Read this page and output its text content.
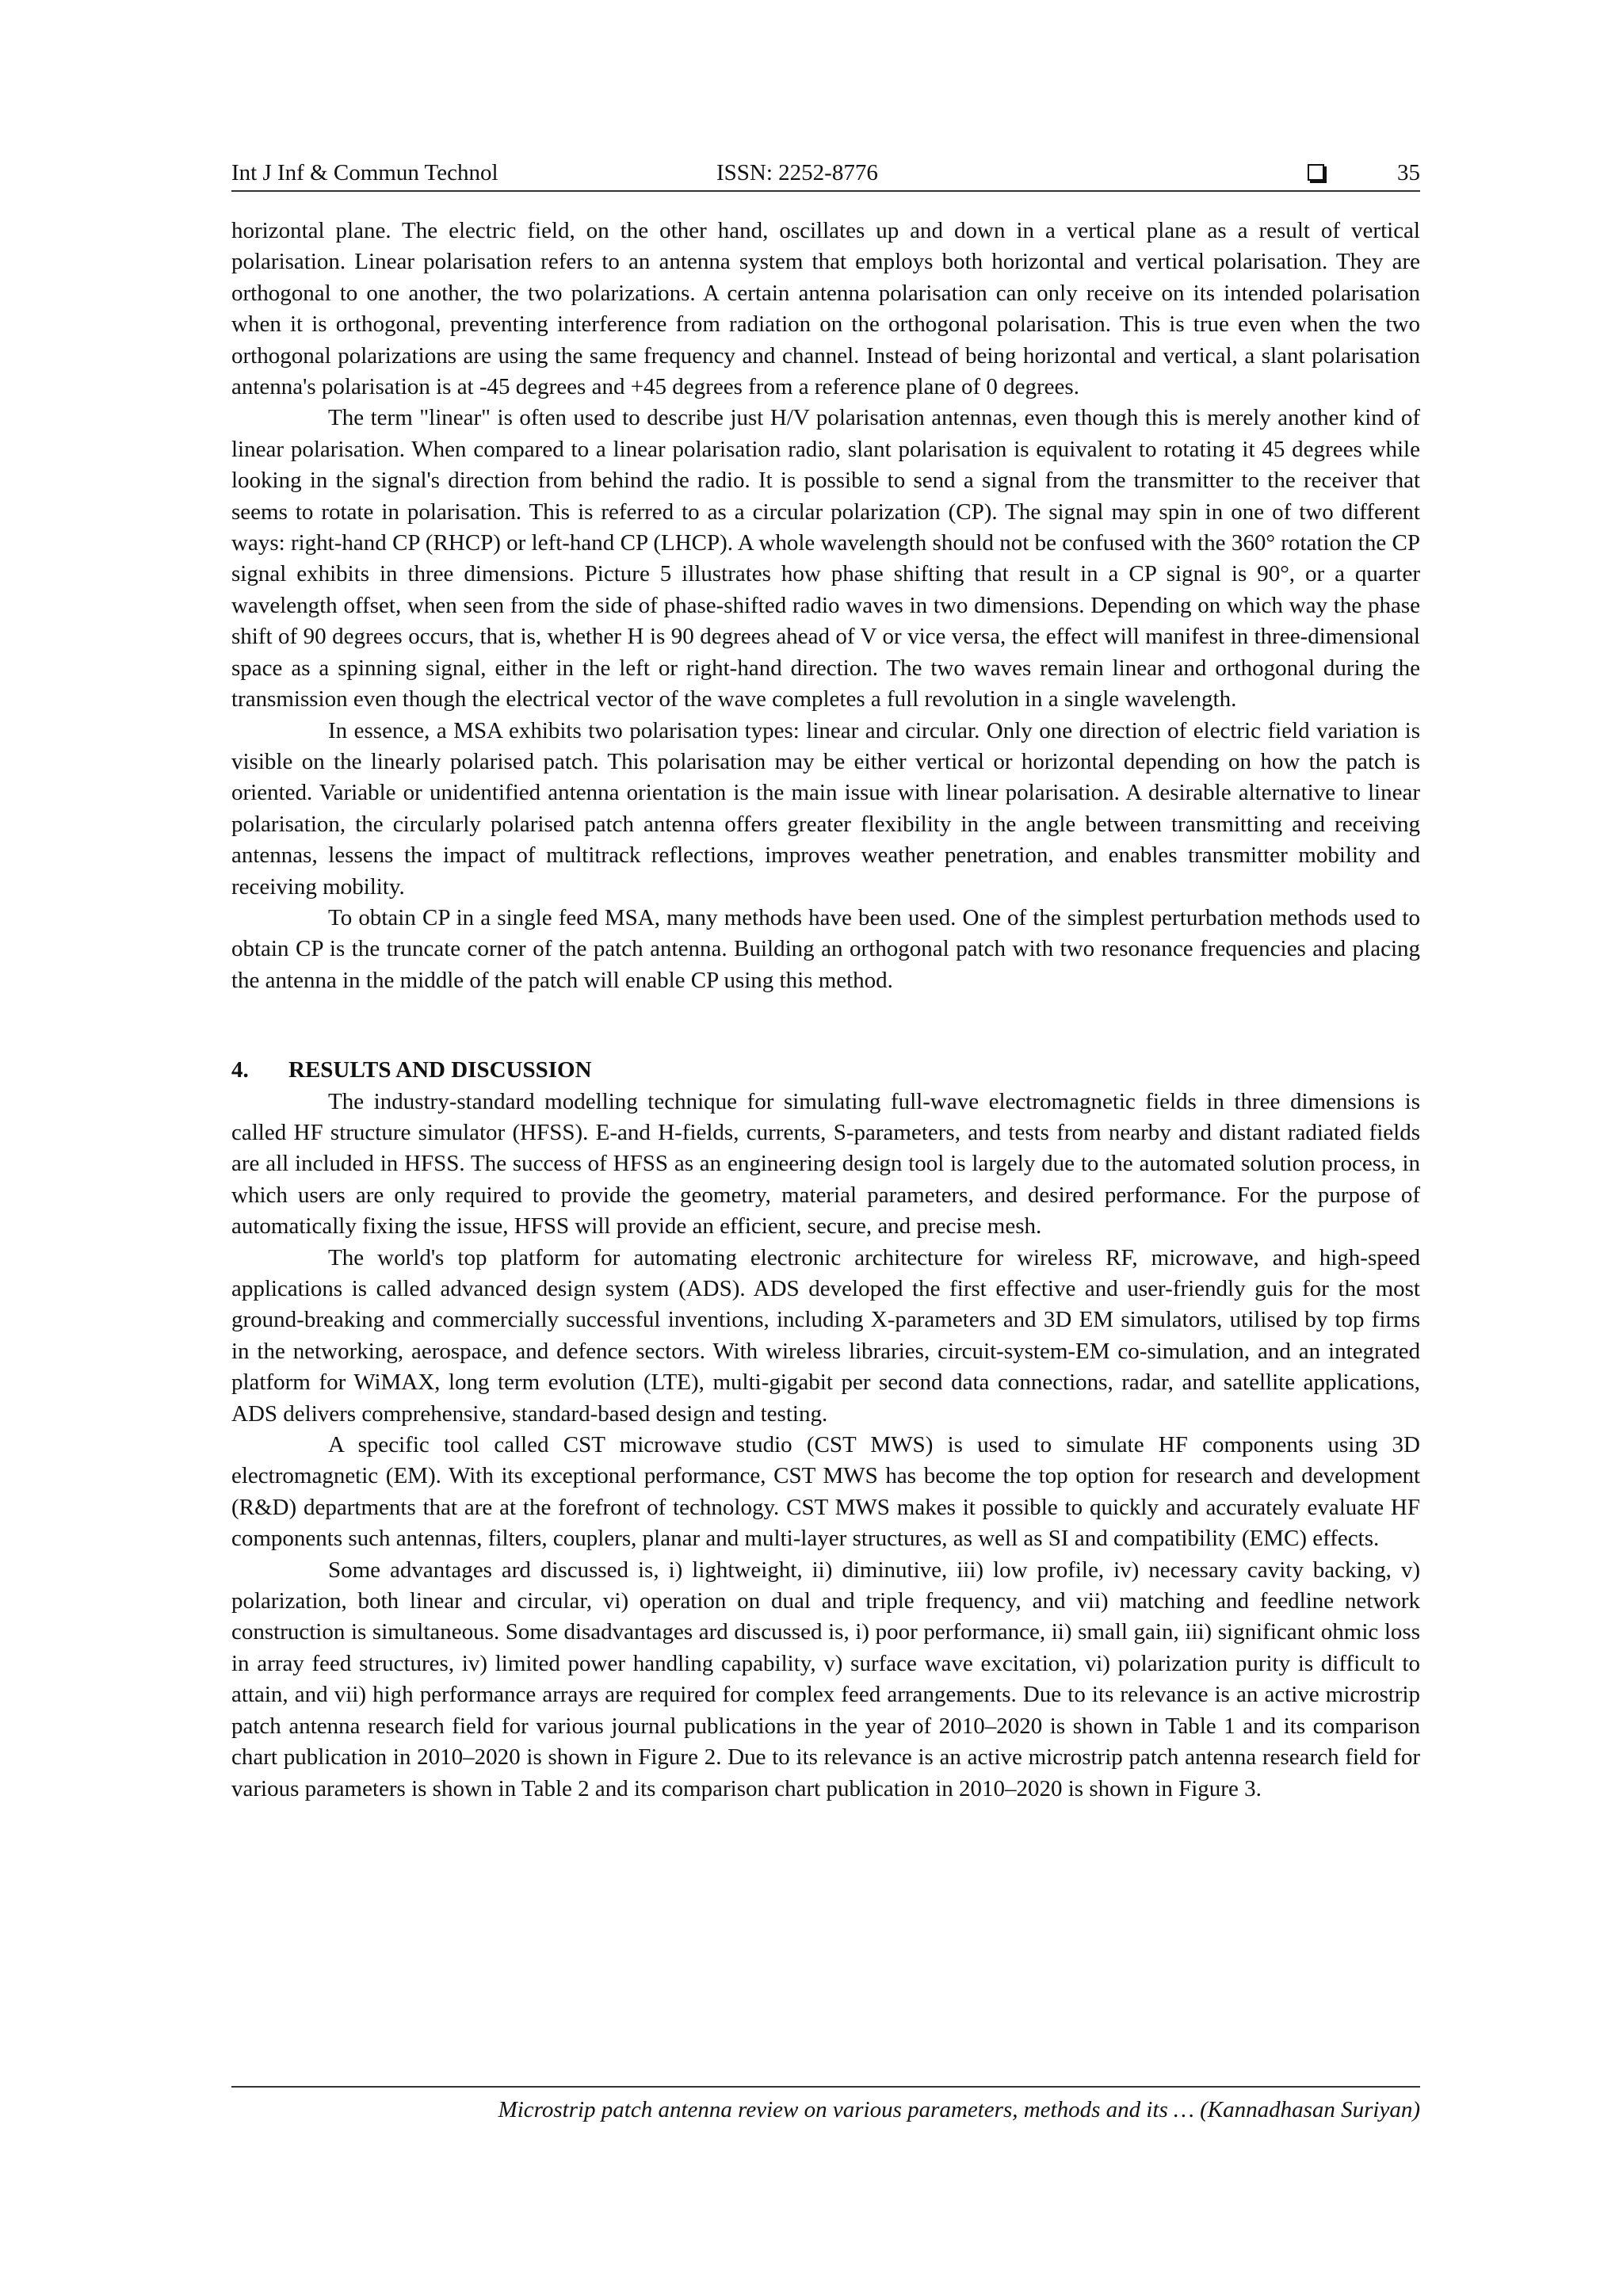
Int J Inf & Commun Technol	ISSN: 2252-8776	35

horizontal plane. The electric field, on the other hand, oscillates up and down in a vertical plane as a result of vertical polarisation. Linear polarisation refers to an antenna system that employs both horizontal and vertical polarisation. They are orthogonal to one another, the two polarizations. A certain antenna polarisation can only receive on its intended polarisation when it is orthogonal, preventing interference from radiation on the orthogonal polarisation. This is true even when the two orthogonal polarizations are using the same frequency and channel. Instead of being horizontal and vertical, a slant polarisation antenna's polarisation is at -45 degrees and +45 degrees from a reference plane of 0 degrees.

The term "linear" is often used to describe just H/V polarisation antennas, even though this is merely another kind of linear polarisation. When compared to a linear polarisation radio, slant polarisation is equivalent to rotating it 45 degrees while looking in the signal's direction from behind the radio. It is possible to send a signal from the transmitter to the receiver that seems to rotate in polarisation. This is referred to as a circular polarization (CP). The signal may spin in one of two different ways: right-hand CP (RHCP) or left-hand CP (LHCP). A whole wavelength should not be confused with the 360° rotation the CP signal exhibits in three dimensions. Picture 5 illustrates how phase shifting that result in a CP signal is 90°, or a quarter wavelength offset, when seen from the side of phase-shifted radio waves in two dimensions. Depending on which way the phase shift of 90 degrees occurs, that is, whether H is 90 degrees ahead of V or vice versa, the effect will manifest in three-dimensional space as a spinning signal, either in the left or right-hand direction. The two waves remain linear and orthogonal during the transmission even though the electrical vector of the wave completes a full revolution in a single wavelength.

In essence, a MSA exhibits two polarisation types: linear and circular. Only one direction of electric field variation is visible on the linearly polarised patch. This polarisation may be either vertical or horizontal depending on how the patch is oriented. Variable or unidentified antenna orientation is the main issue with linear polarisation. A desirable alternative to linear polarisation, the circularly polarised patch antenna offers greater flexibility in the angle between transmitting and receiving antennas, lessens the impact of multitrack reflections, improves weather penetration, and enables transmitter mobility and receiving mobility.

To obtain CP in a single feed MSA, many methods have been used. One of the simplest perturbation methods used to obtain CP is the truncate corner of the patch antenna. Building an orthogonal patch with two resonance frequencies and placing the antenna in the middle of the patch will enable CP using this method.

4. RESULTS AND DISCUSSION

The industry-standard modelling technique for simulating full-wave electromagnetic fields in three dimensions is called HF structure simulator (HFSS). E-and H-fields, currents, S-parameters, and tests from nearby and distant radiated fields are all included in HFSS. The success of HFSS as an engineering design tool is largely due to the automated solution process, in which users are only required to provide the geometry, material parameters, and desired performance. For the purpose of automatically fixing the issue, HFSS will provide an efficient, secure, and precise mesh.

The world's top platform for automating electronic architecture for wireless RF, microwave, and high-speed applications is called advanced design system (ADS). ADS developed the first effective and user-friendly guis for the most ground-breaking and commercially successful inventions, including X-parameters and 3D EM simulators, utilised by top firms in the networking, aerospace, and defence sectors. With wireless libraries, circuit-system-EM co-simulation, and an integrated platform for WiMAX, long term evolution (LTE), multi-gigabit per second data connections, radar, and satellite applications, ADS delivers comprehensive, standard-based design and testing.

A specific tool called CST microwave studio (CST MWS) is used to simulate HF components using 3D electromagnetic (EM). With its exceptional performance, CST MWS has become the top option for research and development (R&D) departments that are at the forefront of technology. CST MWS makes it possible to quickly and accurately evaluate HF components such antennas, filters, couplers, planar and multi-layer structures, as well as SI and compatibility (EMC) effects.

Some advantages ard discussed is, i) lightweight, ii) diminutive, iii) low profile, iv) necessary cavity backing, v) polarization, both linear and circular, vi) operation on dual and triple frequency, and vii) matching and feedline network construction is simultaneous. Some disadvantages ard discussed is, i) poor performance, ii) small gain, iii) significant ohmic loss in array feed structures, iv) limited power handling capability, v) surface wave excitation, vi) polarization purity is difficult to attain, and vii) high performance arrays are required for complex feed arrangements. Due to its relevance is an active microstrip patch antenna research field for various journal publications in the year of 2010–2020 is shown in Table 1 and its comparison chart publication in 2010–2020 is shown in Figure 2. Due to its relevance is an active microstrip patch antenna research field for various parameters is shown in Table 2 and its comparison chart publication in 2010–2020 is shown in Figure 3.

Microstrip patch antenna review on various parameters, methods and its … (Kannadhasan Suriyan)
